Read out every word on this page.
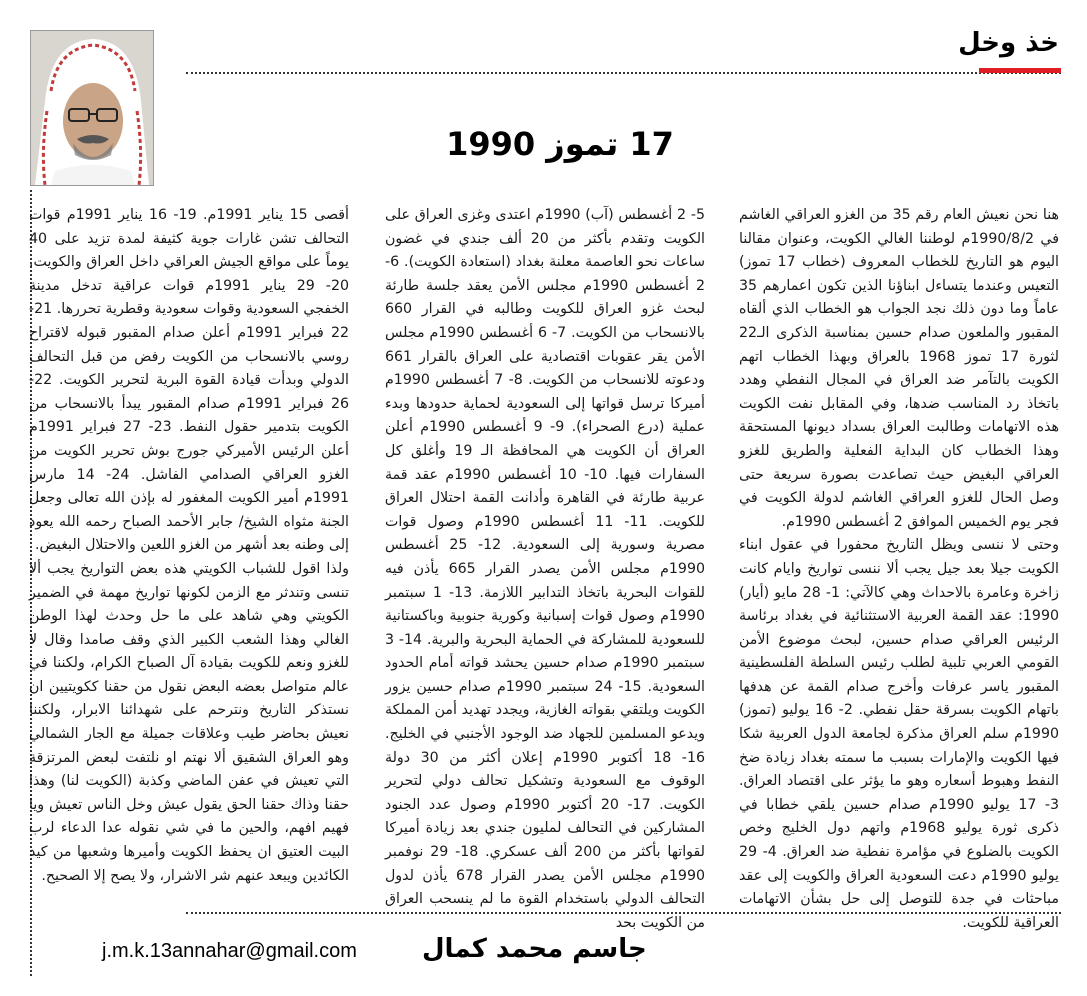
خذ وخل
17 تموز 1990

هنا نحن نعيش العام رقم 35 من الغزو العراقي الغاشم في 1990/8/2م لوطننا الغالي الكويت، وعنوان مقالنا اليوم هو التاريخ للخطاب المعروف (خطاب 17 تموز) التعيس وعندما يتساءل ابناؤنا الذين تكون اعمارهم 35 عاماً وما دون ذلك نجد الجواب هو الخطاب الذي ألقاه المقبور والملعون صدام حسين بمناسبة الذكرى الـ22 لثورة 17 تموز 1968 بالعراق وبهذا الخطاب اتهم الكويت بالتآمر ضد العراق في المجال النفطي وهدد باتخاذ رد المناسب ضدها، وفي المقابل نفت الكويت هذه الاتهامات وطالبت العراق بسداد ديونها المستحقة وهذا الخطاب كان البداية الفعلية والطريق للغزو العراقي البغيض حيث تصاعدت بصورة سريعة حتى وصل الحال للغزو العراقي الغاشم لدولة الكويت في فجر يوم الخميس الموافق 2 أغسطس 1990م.

وحتى لا ننسى ويظل التاريخ محفورا في عقول ابناء الكويت جيلا بعد جيل يجب ألا ننسى تواريخ وايام كانت زاخرة وعامرة بالاحداث وهي كالآتي: 1- 28 مايو (أيار) 1990: عقد القمة العربية الاستثنائية في بغداد برئاسة الرئيس العراقي صدام حسين، لبحث موضوع الأمن القومي العربي تلبية لطلب رئيس السلطة الفلسطينية المقبور ياسر عرفات وأخرج صدام القمة عن هدفها باتهام الكويت بسرقة حقل نفطي. 2- 16 يوليو (تموز) 1990م سلم العراق مذكرة لجامعة الدول العربية شكا فيها الكويت والإمارات بسبب ما سمته بغداد زيادة ضخ النفط وهبوط أسعاره وهو ما يؤثر على اقتصاد العراق. 3- 17 يوليو 1990م صدام حسين يلقي خطابا في ذكرى ثورة يوليو 1968م واتهم دول الخليج وخص الكويت بالضلوع في مؤامرة نفطية ضد العراق. 4- 29 يوليو 1990م دعت السعودية العراق والكويت إلى عقد مباحثات في جدة للتوصل إلى حل بشأن الاتهامات العراقية للكويت.

5- 2 أغسطس (آب) 1990م اعتدى وغزى العراق على الكويت وتقدم بأكثر من 20 ألف جندي في غضون ساعات نحو العاصمة معلنة بغداد (استعادة الكويت). 6- 2 أغسطس 1990م مجلس الأمن يعقد جلسة طارئة لبحث غزو العراق للكويت وطالبه في القرار 660 بالانسحاب من الكويت. 7- 6 أغسطس 1990م مجلس الأمن يقر عقوبات اقتصادية على العراق بالقرار 661 ودعوته للانسحاب من الكويت. 8- 7 أغسطس 1990م أميركا ترسل قواتها إلى السعودية لحماية حدودها وبدء عملية (درع الصحراء). 9- 9 أغسطس 1990م أعلن العراق أن الكويت هي المحافظة الـ 19 وأغلق كل السفارات فيها. 10- 10 أغسطس 1990م عقد قمة عربية طارئة في القاهرة وأدانت القمة احتلال العراق للكويت. 11- 11 أغسطس 1990م وصول قوات مصرية وسورية إلى السعودية. 12- 25 أغسطس 1990م مجلس الأمن يصدر القرار 665 يأذن فيه للقوات البحرية باتخاذ التدابير اللازمة. 13- 1 سبتمبر 1990م وصول قوات إسبانية وكورية جنوبية وباكستانية للسعودية للمشاركة في الحماية البحرية والبرية. 14- 3 سبتمبر 1990م صدام حسين يحشد قواته أمام الحدود السعودية. 15- 24 سبتمبر 1990م صدام حسين يزور الكويت ويلتقي بقواته الغازية، ويجدد تهديد أمن المملكة ويدعو المسلمين للجهاد ضد الوجود الأجنبي في الخليج. 16- 18 أكتوبر 1990م إعلان أكثر من 30 دولة الوقوف مع السعودية وتشكيل تحالف دولي لتحرير الكويت. 17- 20 أكتوبر 1990م وصول عدد الجنود المشاركين في التحالف لمليون جندي بعد زيادة أميركا لقواتها بأكثر من 200 ألف عسكري. 18- 29 نوفمبر 1990م مجلس الأمن يصدر القرار 678 يأذن لدول التحالف الدولي باستخدام القوة ما لم ينسحب العراق من الكويت بحد

أقصى 15 يناير 1991م. 19- 16 يناير 1991م قوات التحالف تشن غارات جوية كثيفة لمدة تزيد على 40 يوماً على مواقع الجيش العراقي داخل العراق والكويت. 20- 29 يناير 1991م قوات عراقية تدخل مدينة الخفجي السعودية وقوات سعودية وقطرية تحررها. 21- 22 فبراير 1991م أعلن صدام المقبور قبوله لاقتراح روسي بالانسحاب من الكويت رفض من قبل التحالف الدولي وبدأت قيادة القوة البرية لتحرير الكويت. 22- 26 فبراير 1991م صدام المقبور يبدأ بالانسحاب من الكويت بتدمير حقول النفط. 23- 27 فبراير 1991م أعلن الرئيس الأميركي جورج بوش تحرير الكويت من الغزو العراقي الصدامي الفاشل. 24- 14 مارس 1991م أمير الكويت المغفور له بإذن الله تعالى وجعل الجنة مثواه الشيخ/ جابر الأحمد الصباح رحمه الله يعود إلى وطنه بعد أشهر من الغزو اللعين والاحتلال البغيض.

ولذا اقول للشباب الكويتي هذه بعض التواريخ يجب ألا تنسى وتندثر مع الزمن لكونها تواريخ مهمة في الضمير الكويتي وهي شاهد على ما حل وحدث لهذا الوطن الغالي وهذا الشعب الكبير الذي وقف صامدا وقال لا للغزو ونعم للكويت بقيادة آل الصباح الكرام، ولكننا في عالم متواصل بعضه البعض نقول من حقنا ككويتيين ان نستذكر التاريخ ونترحم على شهدائنا الابرار، ولكننا نعيش بحاضر طيب وعلاقات جميلة مع الجار الشمالي وهو العراق الشقيق ألا نهتم او نلتفت لبعض المرتزقة التي تعيش في عفن الماضي وكذبة (الكويت لنا) وهذا حقنا وذاك حقنا الحق يقول عيش وخل الناس تعيش ويا فهيم افهم، والحين ما في شي نقوله عدا الدعاء لرب البيت العتيق ان يحفظ الكويت وأميرها وشعبها من كيد الكائدين ويبعد عنهم شر الاشرار، ولا يصح إلا الصحيح.

جاسم محمد كمال
j.m.k.13annahar@gmail.com
